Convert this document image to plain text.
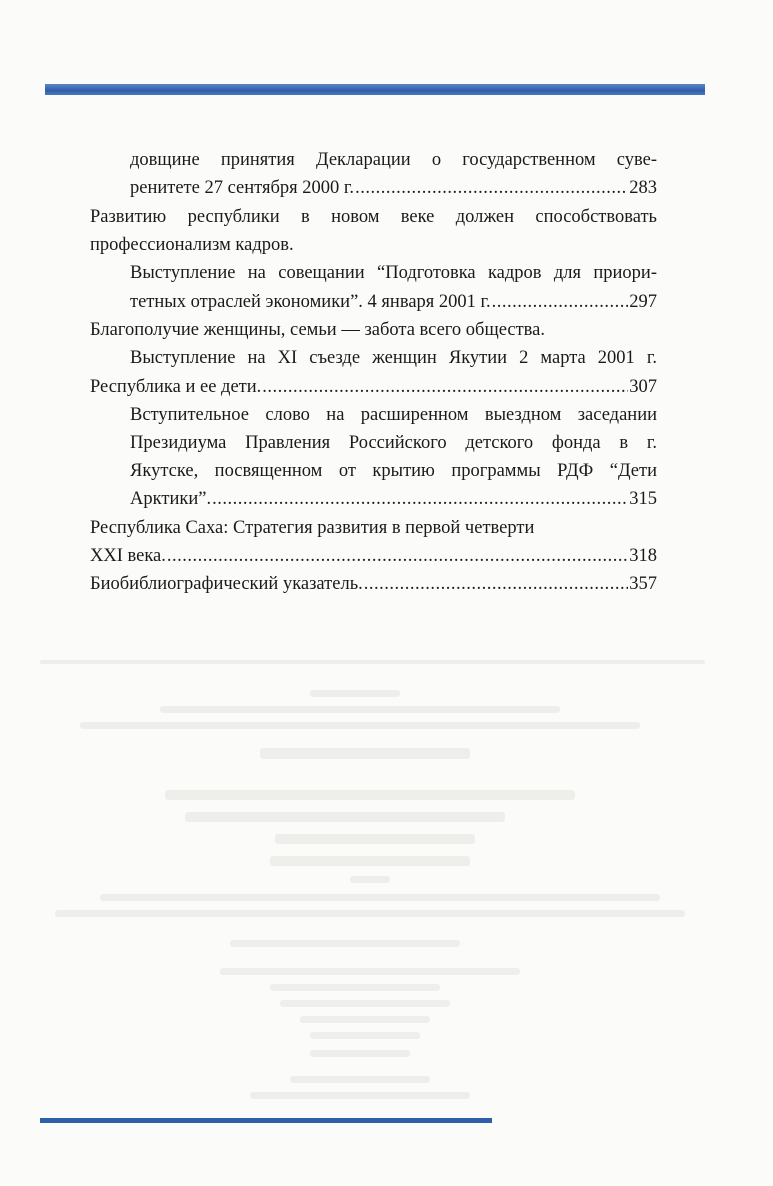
довщине принятия Декларации о государственном суве-
ренитете 27 сентября 2000 г. .....	283
Развитию республики в новом веке должен способствовать
профессионализм кадров.
Выступление на совещании “Подготовка кадров для приори-
тетных отраслей экономики”. 4 января 2001 г. .....	297
Благополучие женщины, семьи — забота всего общества.
Выступление на XI съезде женщин Якутии 2 марта 2001 г.
Республика и ее дети. .....	307
Вступительное слово на расширенном выездном заседании
Президиума Правления Российского детского фонда в г.
Якутске, посвященном от крытию программы РДФ “Дети
Арктики”. .....	315
Республика Саха: Стратегия развития в первой четверти
XXI века. .....	318
Биобиблиографический указатель. .....	357
